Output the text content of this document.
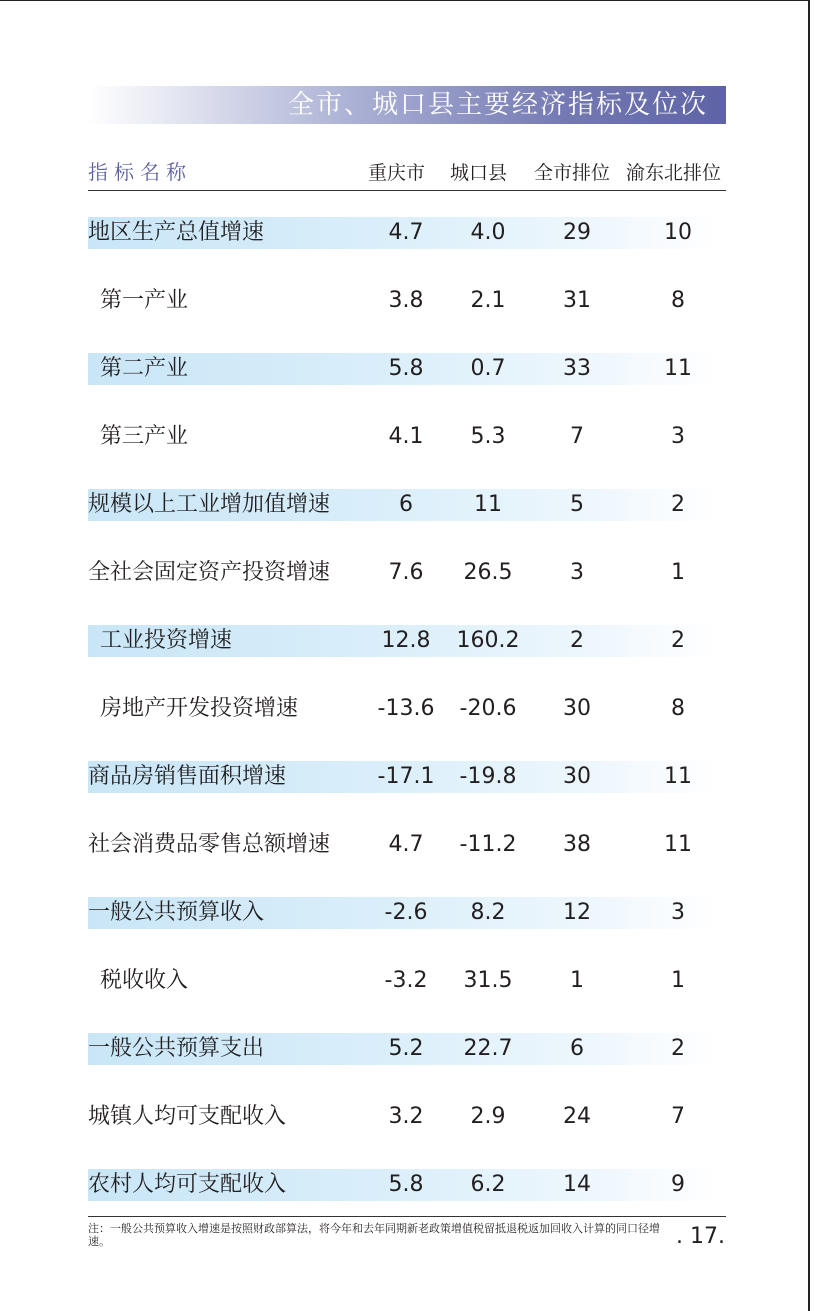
全市、城口县主要经济指标及位次
指标名称	重庆市 城口县 全市排位 渝东北排位
地区生产总值增速	4.7	4.0	29	10
第一产业	3.8	2.1	31	8
第二产业	5.8	0.7	33	11
第三产业	4.1	5.3	7	3
规模以上工业增加值增速	6	11	5	2
全社会固定资产投资增速	7.6	26.5	3	1
工业投资增速	12.8	160.2	2	2
房地产开发投资增速	-13.6	-20.6	30	8
商品房销售面积增速	-17.1	-19.8	30	11
社会消费品零售总额增速	4.7	-11.2	38	11
一般公共预算收入	-2.6	8.2	12	3
税收收入	-3.2	31.5	1	1
一般公共预算支出	5.2	22.7	6	2
城镇人均可支配收入	3.2	2.9	24	7
农村人均可支配收入	5.8	6.2	14	9
注：一般公共预算收入增速是按照财政部算法，将今年和去年同期新老政策增值税留抵退税返加回收入计算的同口径增速。	. 17.
